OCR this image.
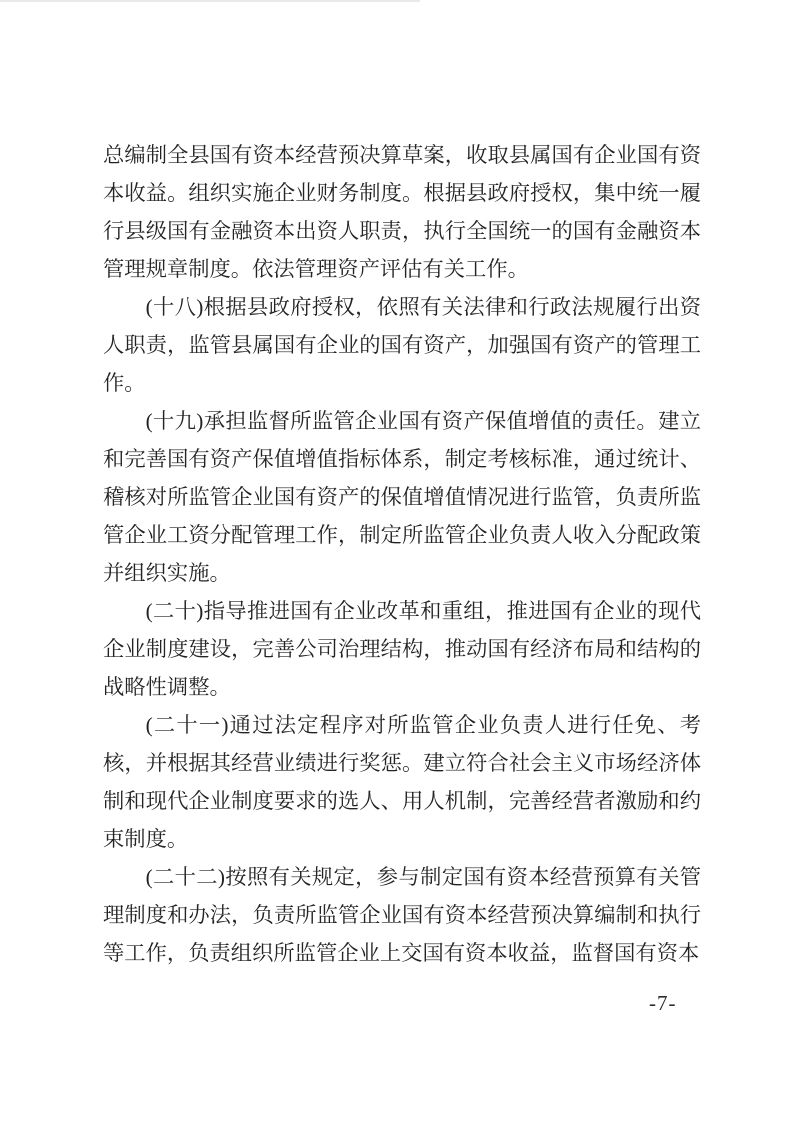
总编制全县国有资本经营预决算草案，收取县属国有企业国有资本收益。组织实施企业财务制度。根据县政府授权，集中统一履行县级国有金融资本出资人职责，执行全国统一的国有金融资本管理规章制度。依法管理资产评估有关工作。

(十八)根据县政府授权，依照有关法律和行政法规履行出资人职责，监管县属国有企业的国有资产，加强国有资产的管理工作。

(十九)承担监督所监管企业国有资产保值增值的责任。建立和完善国有资产保值增值指标体系，制定考核标准，通过统计、稽核对所监管企业国有资产的保值增值情况进行监管，负责所监管企业工资分配管理工作，制定所监管企业负责人收入分配政策并组织实施。

(二十)指导推进国有企业改革和重组，推进国有企业的现代企业制度建设，完善公司治理结构，推动国有经济布局和结构的战略性调整。

(二十一)通过法定程序对所监管企业负责人进行任免、考核，并根据其经营业绩进行奖惩。建立符合社会主义市场经济体制和现代企业制度要求的选人、用人机制，完善经营者激励和约束制度。

(二十二)按照有关规定，参与制定国有资本经营预算有关管理制度和办法，负责所监管企业国有资本经营预决算编制和执行等工作，负责组织所监管企业上交国有资本收益，监督国有资本

-7-
